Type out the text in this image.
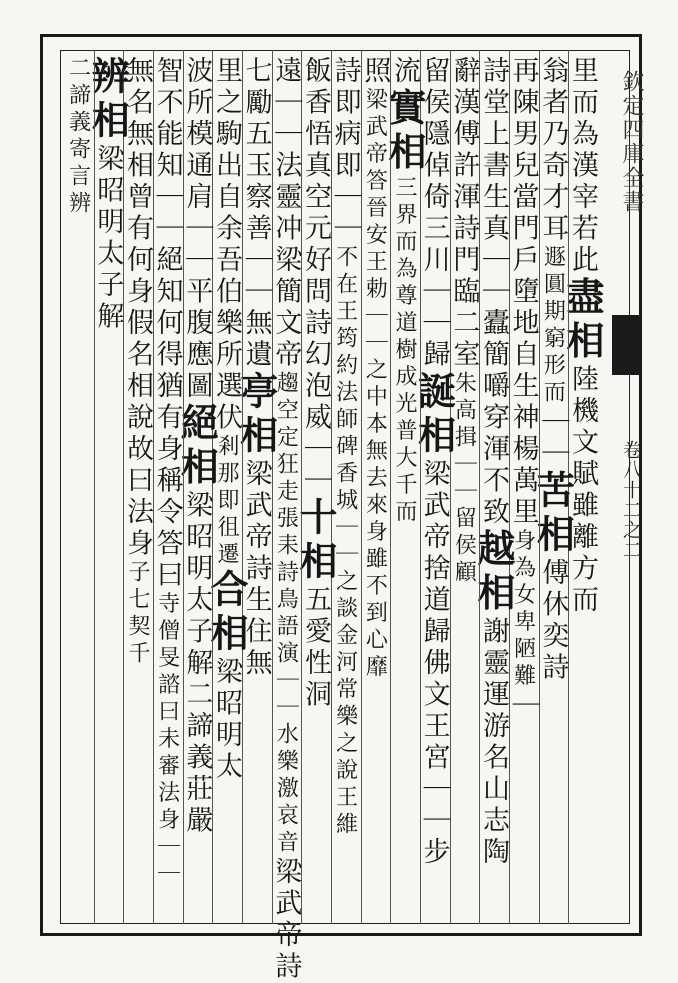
欽定四庫全書
卷八十二之二
里而為漢宰若此盡相陸機文賦雖離方而
翁者乃奇才耳遯圓期窮形而｜｜苦相傅休奕詩
再陳男兒當門戶墮地自生神楊萬里身為女卑陋難｜
詩堂上書生真｜｜蠹簡嚼穿渾不致越相謝靈運游名山志陶
辭漢傅許渾詩門臨二室朱高揖｜｜留侯顧
留侯隱倬倚三川｜｜歸誕相梁武帝捨道歸佛文王宮｜｜步
流實相三界而為尊道樹成光普大千而
照梁武帝答晉安王勅｜｜之中本無去來身雖不到心靡
詩即病即｜｜不在王筠約法師碑香城｜｜之談金河常樂之說王維
飯香悟真空元好問詩幻泡威｜｜十相五愛性洞
遠｜｜法靈冲梁簡文帝趨空定狂走張耒詩鳥語演｜｜水樂激哀音梁武帝詩
七勵五玉察善｜｜無遺亭相梁武帝詩生住無
里之駒出自余吾伯樂所選伏剎那即徂遷合相梁昭明太
波所模通肩｜｜平腹應圖絕相梁昭明太子解二諦義莊嚴
智不能知｜｜絕知何得猶有身稱令答曰寺僧旻諮曰未審法身｜｜
無名無相曾有何身假名相說故曰法身子七契千
辨相梁昭明太子解
二諦義寄言辨
